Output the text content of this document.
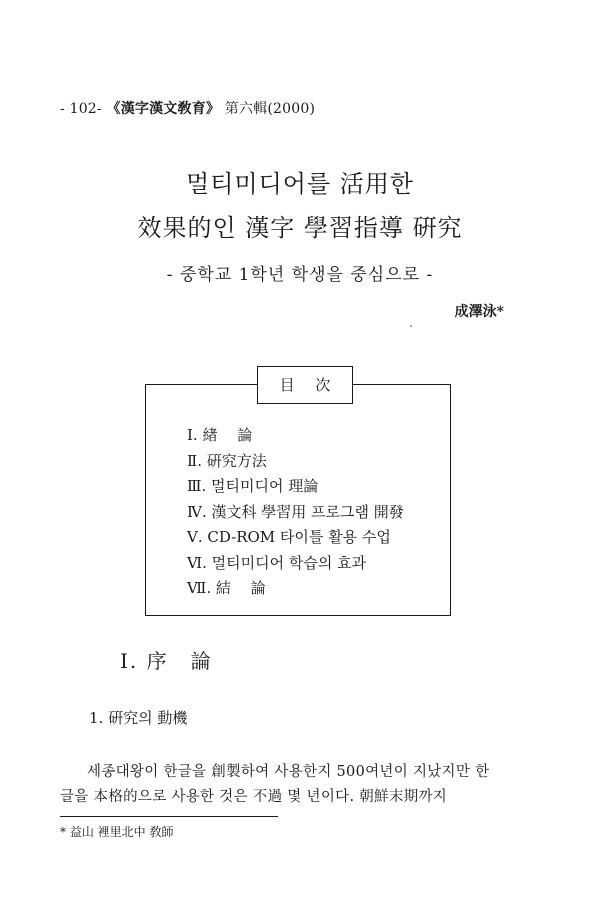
- 102- 《漢字漢文敎育》 第六輯(2000)
멀티미디어를 活用한
效果的인 漢字 學習指導 硏究
- 중학교 1학년 학생을 중심으로 -
成澤泳*
目 次
Ⅰ. 緖　 論
Ⅱ. 硏究方法
Ⅲ. 멀티미디어 理論
Ⅳ. 漢文科 學習用 프로그램 開發
Ⅴ. CD-ROM 타이틀 활용 수업
Ⅵ. 멀티미디어 학습의 효과
Ⅶ. 結　 論
Ⅰ. 序　論
1. 硏究의 動機
세종대왕이 한글을 創製하여 사용한지 500여년이 지났지만 한
글을 本格的으로 사용한 것은 不過 몇 년이다. 朝鮮末期까지
* 益山 裡里北中 敎師
